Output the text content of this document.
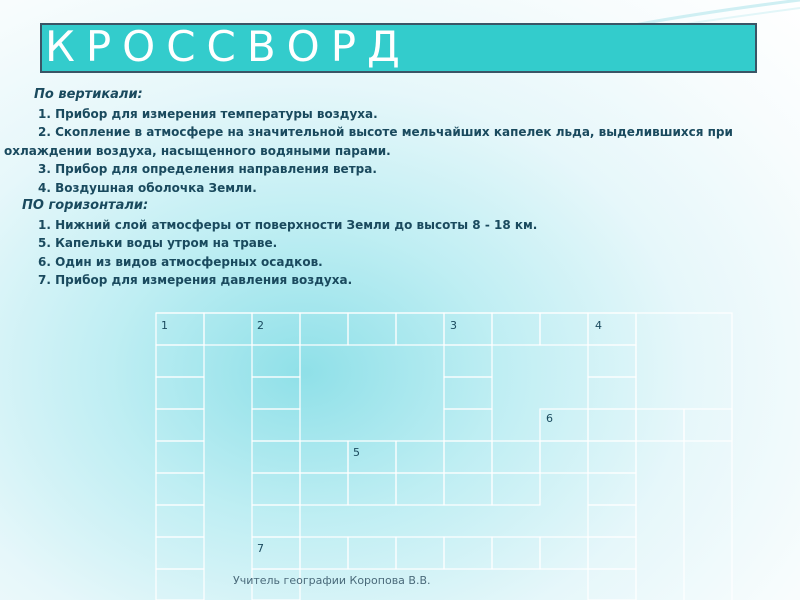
КРОССВОРД
По вертикали:
1. Прибор для измерения температуры воздуха.
2. Скопление в атмосфере на значительной высоте мельчайших капелек льда, выделившихся при охлаждении воздуха, насыщенного водяными парами.
3. Прибор для определения направления ветра.
4. Воздушная оболочка Земли.
ПО горизонтали:
1. Нижний слой атмосферы от поверхности Земли до высоты 8 - 18 км.
5. Капельки воды утром на траве.
6. Один из видов атмосферных осадков.
7. Прибор для измерения давления воздуха.
1	2	3	4
5
6
7
Учитель географии Коропова В.В.
